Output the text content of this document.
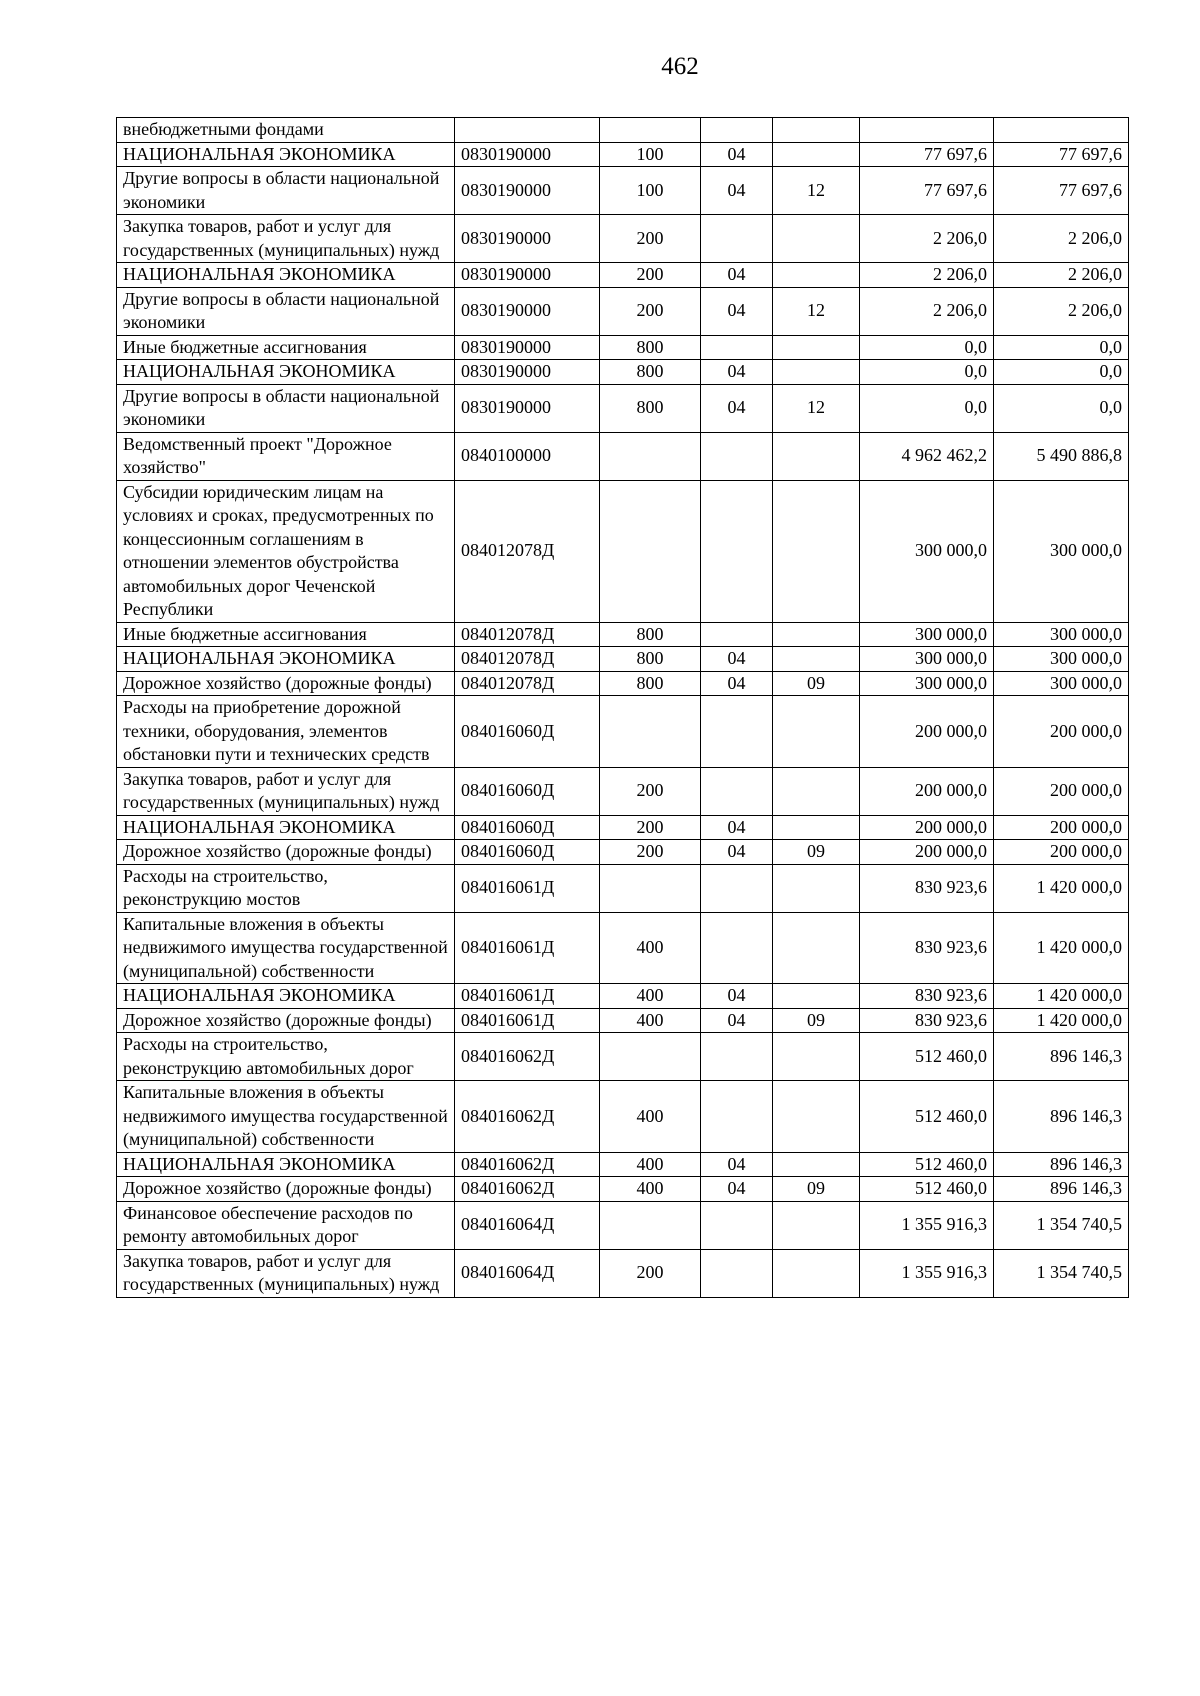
462
внебюджетными фондами						
НАЦИОНАЛЬНАЯ ЭКОНОМИКА	0830190000	100	04		77 697,6	77 697,6
Другие вопросы в области национальной экономики	0830190000	100	04	12	77 697,6	77 697,6
Закупка товаров, работ и услуг для государственных (муниципальных) нужд	0830190000	200			2 206,0	2 206,0
НАЦИОНАЛЬНАЯ ЭКОНОМИКА	0830190000	200	04		2 206,0	2 206,0
Другие вопросы в области национальной экономики	0830190000	200	04	12	2 206,0	2 206,0
Иные бюджетные ассигнования	0830190000	800			0,0	0,0
НАЦИОНАЛЬНАЯ ЭКОНОМИКА	0830190000	800	04		0,0	0,0
Другие вопросы в области национальной экономики	0830190000	800	04	12	0,0	0,0
Ведомственный проект "Дорожное хозяйство"	0840100000				4 962 462,2	5 490 886,8
Субсидии юридическим лицам на условиях и сроках, предусмотренных по концессионным соглашениям в отношении элементов обустройства автомобильных дорог Чеченской Республики	084012078Д				300 000,0	300 000,0
Иные бюджетные ассигнования	084012078Д	800			300 000,0	300 000,0
НАЦИОНАЛЬНАЯ ЭКОНОМИКА	084012078Д	800	04		300 000,0	300 000,0
Дорожное хозяйство (дорожные фонды)	084012078Д	800	04	09	300 000,0	300 000,0
Расходы на приобретение дорожной техники, оборудования, элементов обстановки пути и технических средств	084016060Д				200 000,0	200 000,0
Закупка товаров, работ и услуг для государственных (муниципальных) нужд	084016060Д	200			200 000,0	200 000,0
НАЦИОНАЛЬНАЯ ЭКОНОМИКА	084016060Д	200	04		200 000,0	200 000,0
Дорожное хозяйство (дорожные фонды)	084016060Д	200	04	09	200 000,0	200 000,0
Расходы на строительство, реконструкцию мостов	084016061Д				830 923,6	1 420 000,0
Капитальные вложения в объекты недвижимого имущества государственной (муниципальной) собственности	084016061Д	400			830 923,6	1 420 000,0
НАЦИОНАЛЬНАЯ ЭКОНОМИКА	084016061Д	400	04		830 923,6	1 420 000,0
Дорожное хозяйство (дорожные фонды)	084016061Д	400	04	09	830 923,6	1 420 000,0
Расходы на строительство, реконструкцию автомобильных дорог	084016062Д				512 460,0	896 146,3
Капитальные вложения в объекты недвижимого имущества государственной (муниципальной) собственности	084016062Д	400			512 460,0	896 146,3
НАЦИОНАЛЬНАЯ ЭКОНОМИКА	084016062Д	400	04		512 460,0	896 146,3
Дорожное хозяйство (дорожные фонды)	084016062Д	400	04	09	512 460,0	896 146,3
Финансовое обеспечение расходов по ремонту автомобильных дорог	084016064Д				1 355 916,3	1 354 740,5
Закупка товаров, работ и услуг для государственных (муниципальных) нужд	084016064Д	200			1 355 916,3	1 354 740,5
